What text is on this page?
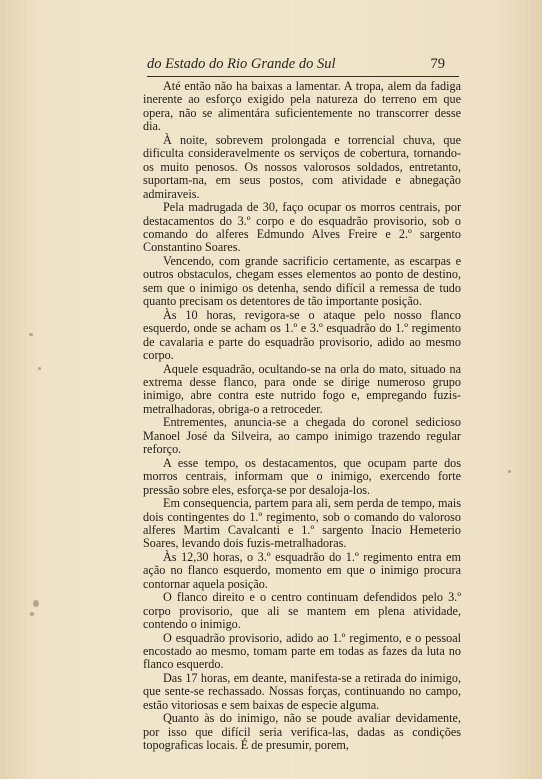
do Estado do Rio Grande do Sul	79

Até então não ha baixas a lamentar. A tropa, alem da fadiga inerente ao esforço exigido pela natureza do terreno em que opera, não se alimentára suficientemente no transcorrer desse dia.

À noite, sobrevem prolongada e torrencial chuva, que dificulta consideravelmente os serviços de cobertura, tornando-os muito penosos. Os nossos valorosos soldados, entretanto, suportam-na, em seus postos, com atividade e abnegação admiraveis.

Pela madrugada de 30, faço ocupar os morros centrais, por destacamentos do 3.º corpo e do esquadrão provisorio, sob o comando do alferes Edmundo Alves Freire e 2.º sargento Constantino Soares.

Vencendo, com grande sacrificio certamente, as escarpas e outros obstaculos, chegam esses elementos ao ponto de destino, sem que o inimigo os detenha, sendo difícil a remessa de tudo quanto precisam os detentores de tão importante posição.

Às 10 horas, revigora-se o ataque pelo nosso flanco esquerdo, onde se acham os 1.º e 3.º esquadrão do 1.º regimento de cavalaria e parte do esquadrão provisorio, adido ao mesmo corpo.

Aquele esquadrão, ocultando-se na orla do mato, situado na extrema desse flanco, para onde se dirige numeroso grupo inimigo, abre contra este nutrido fogo e, empregando fuzis-metralhadoras, obriga-o a retroceder.

Entrementes, anuncia-se a chegada do coronel sedicioso Manoel José da Silveira, ao campo inimigo trazendo regular reforço.

A esse tempo, os destacamentos, que ocupam parte dos morros centrais, informam que o inimigo, exercendo forte pressão sobre eles, esforça-se por desaloja-los.

Em consequencia, partem para ali, sem perda de tempo, mais dois contingentes do 1.º regimento, sob o comando do valoroso alferes Martim Cavalcanti e 1.º sargento Inacio Hemeterio Soares, levando dois fuzis-metralhadoras.

Às 12,30 horas, o 3.º esquadrão do 1.º regimento entra em ação no flanco esquerdo, momento em que o inimigo procura contornar aquela posição.

O flanco direito e o centro continuam defendidos pelo 3.º corpo provisorio, que ali se mantem em plena atividade, contendo o inimigo.

O esquadrão provisorio, adido ao 1.º regimento, e o pessoal encostado ao mesmo, tomam parte em todas as fazes da luta no flanco esquerdo.

Das 17 horas, em deante, manifesta-se a retirada do inimigo, que sente-se rechassado. Nossas forças, continuando no campo, estão vitoriosas e sem baixas de especie alguma.

Quanto às do inimigo, não se poude avaliar devidamente, por isso que difícil seria verifica-las, dadas as condições topograficas locais. É de presumir, porem,
